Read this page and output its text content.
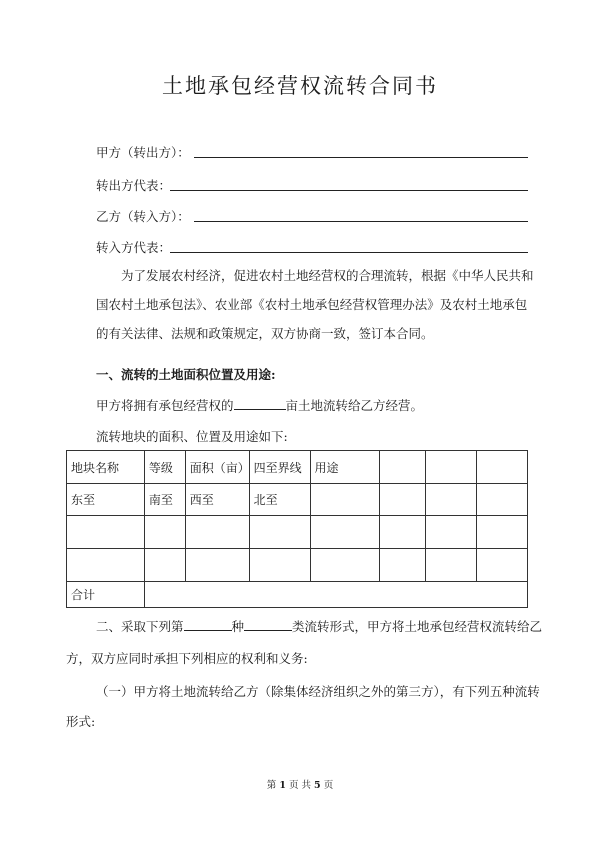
土地承包经营权流转合同书
甲方（转出方）：
转出方代表：
乙方（转入方）：
转入方代表：
为了发展农村经济，促进农村土地经营权的合理流转，根据《中华人民共和国农村土地承包法》、农业部《农村土地承包经营权管理办法》及农村土地承包的有关法律、法规和政策规定，双方协商一致，签订本合同。
一、流转的土地面积位置及用途:
甲方将拥有承包经营权的	亩土地流转给乙方经营。
流转地块的面积、位置及用途如下:
地块名称	等级	面积（亩）	四至界线	用途			
东至	南至	西至	北至				

合计							
二、采取下列第	种	类流转形式，甲方将土地承包经营权流转给乙
方，双方应同时承担下列相应的权利和义务:
（一）甲方将土地流转给乙方（除集体经济组织之外的第三方），有下列五种流转
形式:
第 1 页 共 5 页
